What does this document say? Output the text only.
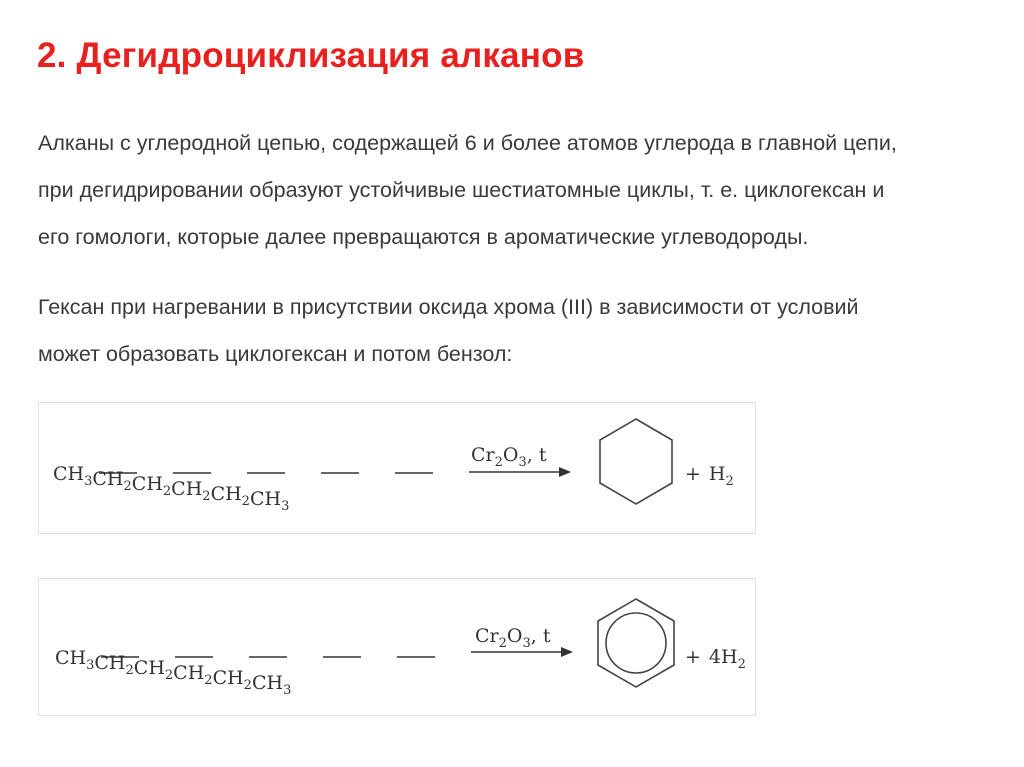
2. Дегидроциклизация алканов
Алканы с углеродной цепью, содержащей 6 и более атомов углерода в главной цепи,
при дегидрировании образуют устойчивые шестиатомные циклы, т. е. циклогексан и
его гомологи, которые далее превращаются в ароматические углеводороды.
Гексан при нагревании в присутствии оксида хрома (III) в зависимости от условий
может образовать циклогексан и потом бензол:
$CH_3CH_2CH_2CH_2CH_2CH_3$
$Cr_2O_3$, t
+ $H_2$
$CH_3CH_2CH_2CH_2CH_2CH_3$
$Cr_2O_3$, t
+ $4H_2$
